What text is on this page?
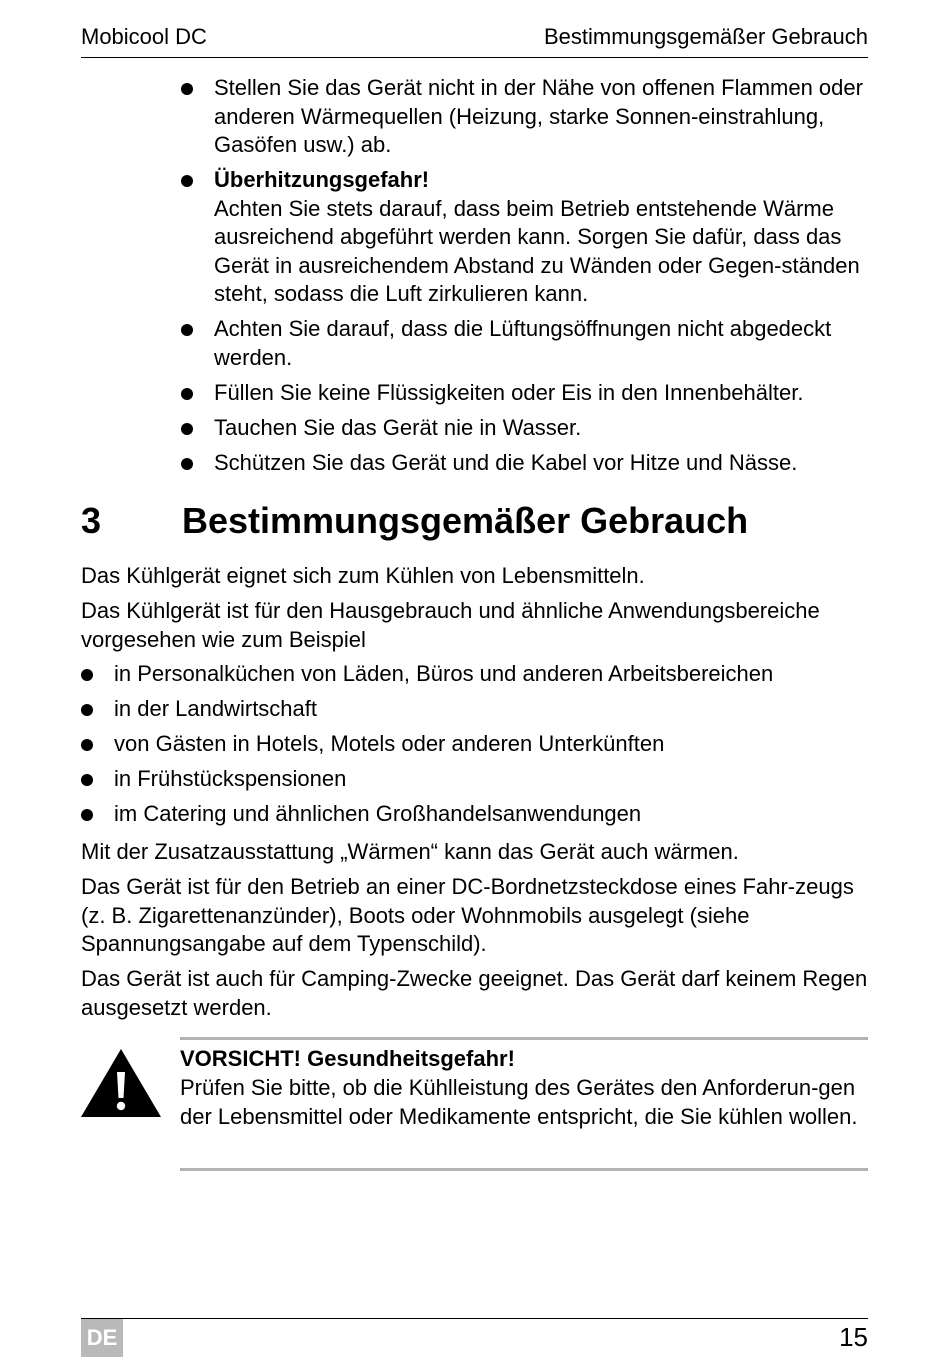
Mobicool DC	Bestimmungsgemäßer Gebrauch
Stellen Sie das Gerät nicht in der Nähe von offenen Flammen oder anderen Wärmequellen (Heizung, starke Sonnen-einstrahlung, Gasöfen usw.) ab.
Überhitzungsgefahr!
Achten Sie stets darauf, dass beim Betrieb entstehende Wärme ausreichend abgeführt werden kann. Sorgen Sie dafür, dass das Gerät in ausreichendem Abstand zu Wänden oder Gegen-ständen steht, sodass die Luft zirkulieren kann.
Achten Sie darauf, dass die Lüftungsöffnungen nicht abgedeckt werden.
Füllen Sie keine Flüssigkeiten oder Eis in den Innenbehälter.
Tauchen Sie das Gerät nie in Wasser.
Schützen Sie das Gerät und die Kabel vor Hitze und Nässe.
3 Bestimmungsgemäßer Gebrauch

Das Kühlgerät eignet sich zum Kühlen von Lebensmitteln.

Das Kühlgerät ist für den Hausgebrauch und ähnliche Anwendungsbereiche vorgesehen wie zum Beispiel

in Personalküchen von Läden, Büros und anderen Arbeitsbereichen
in der Landwirtschaft
von Gästen in Hotels, Motels oder anderen Unterkünften
in Frühstückspensionen
im Catering und ähnlichen Großhandelsanwendungen

Mit der Zusatzausstattung „Wärmen“ kann das Gerät auch wärmen.

Das Gerät ist für den Betrieb an einer DC-Bordnetzsteckdose eines Fahr-zeugs (z. B. Zigarettenanzünder), Boots oder Wohnmobils ausgelegt (siehe Spannungsangabe auf dem Typenschild).

Das Gerät ist auch für Camping-Zwecke geeignet. Das Gerät darf keinem Regen ausgesetzt werden.

VORSICHT! Gesundheitsgefahr!

Prüfen Sie bitte, ob die Kühlleistung des Gerätes den Anforderun-gen der Lebensmittel oder Medikamente entspricht, die Sie kühlen wollen.

DE	15
